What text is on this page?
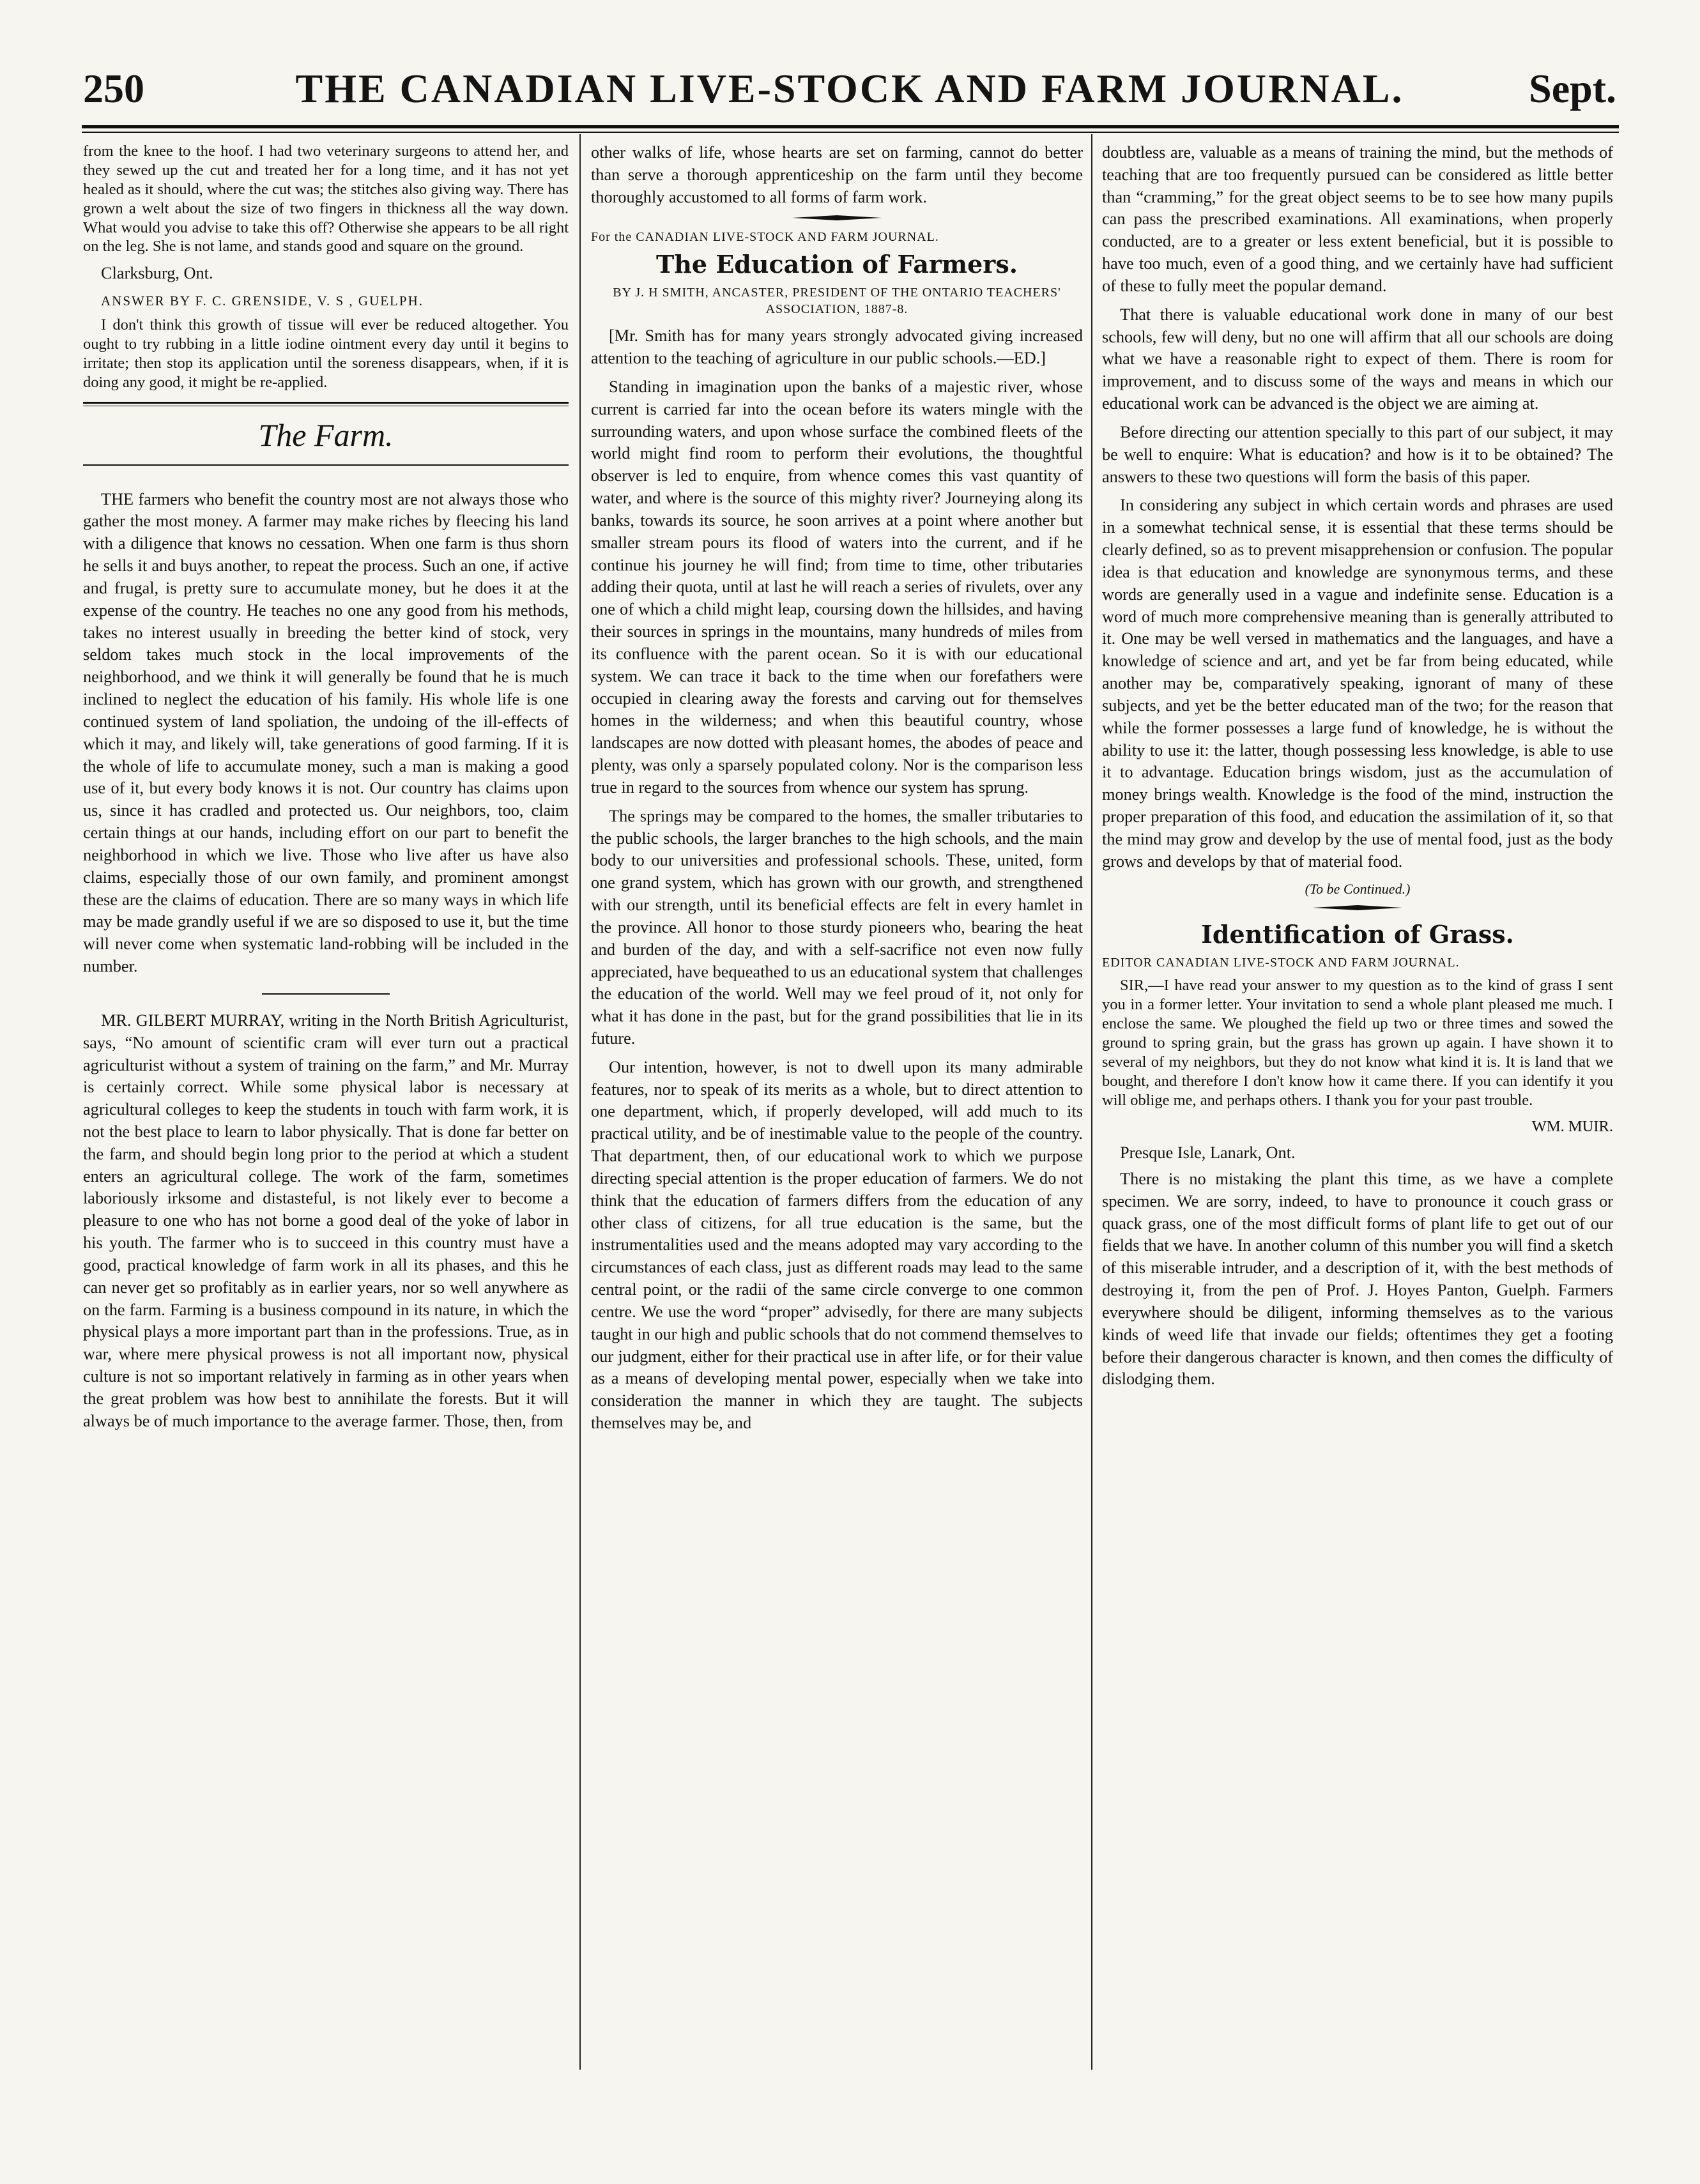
250	THE CANADIAN LIVE-STOCK AND FARM JOURNAL.	Sept.

from the knee to the hoof. I had two veterinary surgeons to attend her, and they sewed up the cut and treated her for a long time, and it has not yet healed as it should, where the cut was; the stitches also giving way. There has grown a welt about the size of two fingers in thickness all the way down. What would you advise to take this off? Otherwise she appears to be all right on the leg. She is not lame, and stands good and square on the ground.

Clarksburg, Ont.

ANSWER BY F. C. GRENSIDE, V. S , GUELPH.

I don't think this growth of tissue will ever be reduced altogether. You ought to try rubbing in a little iodine ointment every day until it begins to irritate; then stop its application until the soreness disappears, when, if it is doing any good, it might be re-applied.

The Farm.

THE farmers who benefit the country most are not always those who gather the most money. A farmer may make riches by fleecing his land with a diligence that knows no cessation. When one farm is thus shorn he sells it and buys another, to repeat the process. Such an one, if active and frugal, is pretty sure to accumulate money, but he does it at the expense of the country. He teaches no one any good from his methods, takes no interest usually in breeding the better kind of stock, very seldom takes much stock in the local improvements of the neighborhood, and we think it will generally be found that he is much inclined to neglect the education of his family. His whole life is one continued system of land spoliation, the undoing of the ill-effects of which it may, and likely will, take generations of good farming. If it is the whole of life to accumulate money, such a man is making a good use of it, but every body knows it is not. Our country has claims upon us, since it has cradled and protected us. Our neighbors, too, claim certain things at our hands, including effort on our part to benefit the neighborhood in which we live. Those who live after us have also claims, especially those of our own family, and prominent amongst these are the claims of education. There are so many ways in which life may be made grandly useful if we are so disposed to use it, but the time will never come when systematic land-robbing will be included in the number.

MR. GILBERT MURRAY, writing in the North British Agriculturist, says, “No amount of scientific cram will ever turn out a practical agriculturist without a system of training on the farm,” and Mr. Murray is certainly correct. While some physical labor is necessary at agricultural colleges to keep the students in touch with farm work, it is not the best place to learn to labor physically. That is done far better on the farm, and should begin long prior to the period at which a student enters an agricultural college. The work of the farm, sometimes laboriously irksome and distasteful, is not likely ever to become a pleasure to one who has not borne a good deal of the yoke of labor in his youth. The farmer who is to succeed in this country must have a good, practical knowledge of farm work in all its phases, and this he can never get so profitably as in earlier years, nor so well anywhere as on the farm. Farming is a business compound in its nature, in which the physical plays a more important part than in the professions. True, as in war, where mere physical prowess is not all important now, physical culture is not so important relatively in farming as in other years when the great problem was how best to annihilate the forests. But it will always be of much importance to the average farmer. Those, then, from

other walks of life, whose hearts are set on farming, cannot do better than serve a thorough apprenticeship on the farm until they become thoroughly accustomed to all forms of farm work.

For the CANADIAN LIVE-STOCK AND FARM JOURNAL.
The Education of Farmers.
BY J. H SMITH, ANCASTER, PRESIDENT OF THE ONTARIO TEACHERS' ASSOCIATION, 1887-8.

[Mr. Smith has for many years strongly advocated giving increased attention to the teaching of agriculture in our public schools.—ED.]

Standing in imagination upon the banks of a majestic river, whose current is carried far into the ocean before its waters mingle with the surrounding waters, and upon whose surface the combined fleets of the world might find room to perform their evolutions, the thoughtful observer is led to enquire, from whence comes this vast quantity of water, and where is the source of this mighty river? Journeying along its banks, towards its source, he soon arrives at a point where another but smaller stream pours its flood of waters into the current, and if he continue his journey he will find; from time to time, other tributaries adding their quota, until at last he will reach a series of rivulets, over any one of which a child might leap, coursing down the hillsides, and having their sources in springs in the mountains, many hundreds of miles from its confluence with the parent ocean. So it is with our educational system. We can trace it back to the time when our forefathers were occupied in clearing away the forests and carving out for themselves homes in the wilderness; and when this beautiful country, whose landscapes are now dotted with pleasant homes, the abodes of peace and plenty, was only a sparsely populated colony. Nor is the comparison less true in regard to the sources from whence our system has sprung.

The springs may be compared to the homes, the smaller tributaries to the public schools, the larger branches to the high schools, and the main body to our universities and professional schools. These, united, form one grand system, which has grown with our growth, and strengthened with our strength, until its beneficial effects are felt in every hamlet in the province. All honor to those sturdy pioneers who, bearing the heat and burden of the day, and with a self-sacrifice not even now fully appreciated, have bequeathed to us an educational system that challenges the education of the world. Well may we feel proud of it, not only for what it has done in the past, but for the grand possibilities that lie in its future.

Our intention, however, is not to dwell upon its many admirable features, nor to speak of its merits as a whole, but to direct attention to one department, which, if properly developed, will add much to its practical utility, and be of inestimable value to the people of the country. That department, then, of our educational work to which we purpose directing special attention is the proper education of farmers. We do not think that the education of farmers differs from the education of any other class of citizens, for all true education is the same, but the instrumentalities used and the means adopted may vary according to the circumstances of each class, just as different roads may lead to the same central point, or the radii of the same circle converge to one common centre. We use the word “proper” advisedly, for there are many subjects taught in our high and public schools that do not commend themselves to our judgment, either for their practical use in after life, or for their value as a means of developing mental power, especially when we take into consideration the manner in which they are taught. The subjects themselves may be, and

doubtless are, valuable as a means of training the mind, but the methods of teaching that are too frequently pursued can be considered as little better than “cramming,” for the great object seems to be to see how many pupils can pass the prescribed examinations. All examinations, when properly conducted, are to a greater or less extent beneficial, but it is possible to have too much, even of a good thing, and we certainly have had sufficient of these to fully meet the popular demand.

That there is valuable educational work done in many of our best schools, few will deny, but no one will affirm that all our schools are doing what we have a reasonable right to expect of them. There is room for improvement, and to discuss some of the ways and means in which our educational work can be advanced is the object we are aiming at.

Before directing our attention specially to this part of our subject, it may be well to enquire: What is education? and how is it to be obtained? The answers to these two questions will form the basis of this paper.

In considering any subject in which certain words and phrases are used in a somewhat technical sense, it is essential that these terms should be clearly defined, so as to prevent misapprehension or confusion. The popular idea is that education and knowledge are synonymous terms, and these words are generally used in a vague and indefinite sense. Education is a word of much more comprehensive meaning than is generally attributed to it. One may be well versed in mathematics and the languages, and have a knowledge of science and art, and yet be far from being educated, while another may be, comparatively speaking, ignorant of many of these subjects, and yet be the better educated man of the two; for the reason that while the former possesses a large fund of knowledge, he is without the ability to use it: the latter, though possessing less knowledge, is able to use it to advantage. Education brings wisdom, just as the accumulation of money brings wealth. Knowledge is the food of the mind, instruction the proper preparation of this food, and education the assimilation of it, so that the mind may grow and develop by the use of mental food, just as the body grows and develops by that of material food.

(To be Continued.)
Identification of Grass.
EDITOR CANADIAN LIVE-STOCK AND FARM JOURNAL.

SIR,—I have read your answer to my question as to the kind of grass I sent you in a former letter. Your invitation to send a whole plant pleased me much. I enclose the same. We ploughed the field up two or three times and sowed the ground to spring grain, but the grass has grown up again. I have shown it to several of my neighbors, but they do not know what kind it is. It is land that we bought, and therefore I don't know how it came there. If you can identify it you will oblige me, and perhaps others. I thank you for your past trouble.

WM. MUIR.

Presque Isle, Lanark, Ont.

There is no mistaking the plant this time, as we have a complete specimen. We are sorry, indeed, to have to pronounce it couch grass or quack grass, one of the most difficult forms of plant life to get out of our fields that we have. In another column of this number you will find a sketch of this miserable intruder, and a description of it, with the best methods of destroying it, from the pen of Prof. J. Hoyes Panton, Guelph. Farmers everywhere should be diligent, informing themselves as to the various kinds of weed life that invade our fields; oftentimes they get a footing before their dangerous character is known, and then comes the difficulty of dislodging them.
